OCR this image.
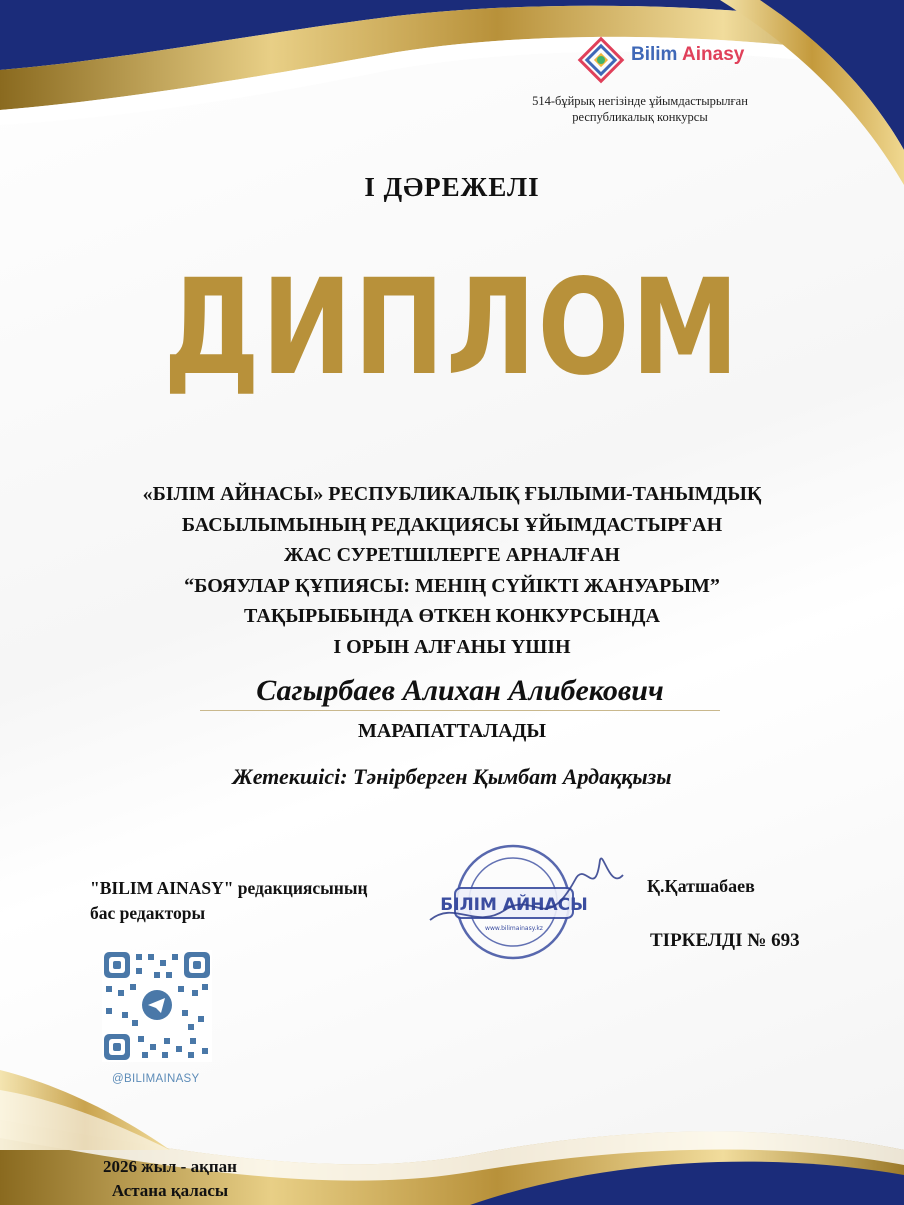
Bilim Ainasy
514-бұйрық негізінде ұйымдастырылған республикалық конкурсы
I ДӘРЕЖЕЛІ
ДИПЛОМ
«БІЛІМ АЙНАСЫ» РЕСПУБЛИКАЛЫҚ ҒЫЛЫМИ-ТАНЫМДЫҚ
БАСЫЛЫМЫНЫҢ РЕДАКЦИЯСЫ ҰЙЫМДАСТЫРҒАН
ЖАС СУРЕТШІЛЕРГЕ АРНАЛҒАН
“БОЯУЛАР ҚҰПИЯСЫ: МЕНІҢ СҮЙІКТІ ЖАНУАРЫМ”
ТАҚЫРЫБЫНДА ӨТКЕН КОНКУРСЫНДА
І ОРЫН АЛҒАНЫ ҮШІН
Сагырбаев Алихан Алибекович
МАРАПАТТАЛАДЫ
Жетекшісі: Тәнірберген Қымбат Ардаққызы
"BILIM AINASY" редакциясының
бас редакторы	БІЛІМ АЙНАСЫ
www.bilimainasy.kz
Қ.Қатшабаев
ТІРКЕЛДІ № 693
@BILIMAINASY
2026 жыл - ақпан
Астана қаласы
